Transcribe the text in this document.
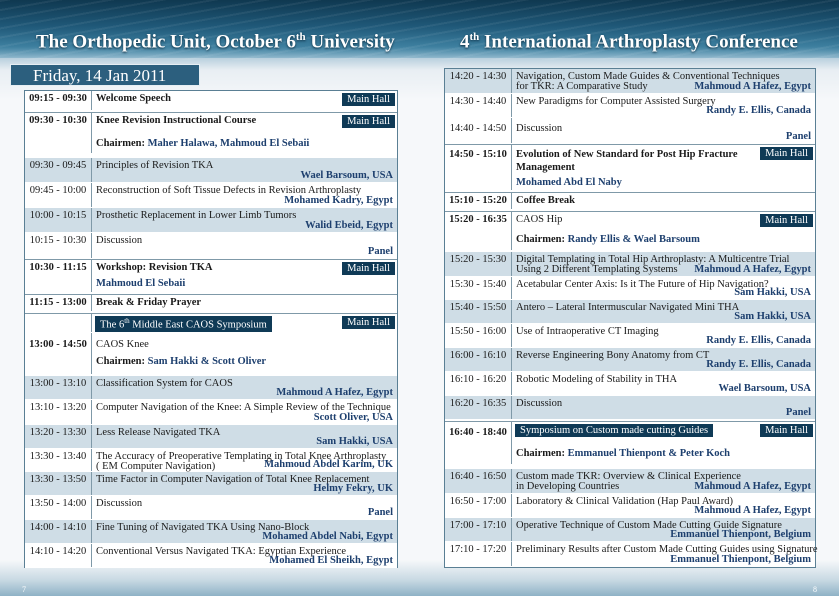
The Orthopedic Unit, October 6th University	4th International Arthroplasty Conference
Friday, 14 Jan 2011
09:15 - 09:30 Welcome Speech	Main Hall
09:30 - 10:30 Knee Revision Instructional Course	Main Hall
Chairmen: Maher Halawa, Mahmoud El Sebaii
09:30 - 09:45 Principles of Revision TKA
Wael Barsoum, USA
09:45 - 10:00 Reconstruction of Soft Tissue Defects in Revision Arthroplasty
Mohamed Kadry, Egypt
10:00 - 10:15 Prosthetic Replacement in Lower Limb Tumors
Walid Ebeid, Egypt
10:15 - 10:30 Discussion
Panel
10:30 - 11:15 Workshop: Revision TKA	Main Hall
Mahmoud El Sebaii
11:15 - 13:00 Break & Friday Prayer
The 6th Middle East CAOS Symposium	Main Hall
13:00 - 14:50 CAOS Knee
Chairmen: Sam Hakki & Scott Oliver
13:00 - 13:10 Classification System for CAOS
Mahmoud A Hafez, Egypt
13:10 - 13:20 Computer Navigation of the Knee: A Simple Review of the Technique
Scott Oliver, USA
13:20 - 13:30 Less Release Navigated TKA
Sam Hakki, USA
13:30 - 13:40 The Accuracy of Preoperative Templating in Total Knee Arthroplasty
( EM Computer Navigation)	Mahmoud Abdel Karim, UK
13:30 - 13:50 Time Factor in Computer Navigation of Total Knee Replacement
Helmy Fekry, UK
13:50 - 14:00 Discussion
Panel
14:00 - 14:10 Fine Tuning of Navigated TKA Using Nano-Block
Mohamed Abdel Nabi, Egypt
14:10 - 14:20 Conventional Versus Navigated TKA: Egyptian Experience
Mohamed El Sheikh, Egypt
14:20 - 14:30 Navigation, Custom Made Guides & Conventional Techniques
for TKR: A Comparative Study	Mahmoud A Hafez, Egypt
14:30 - 14:40 New Paradigms for Computer Assisted Surgery
Randy E. Ellis, Canada
14:40 - 14:50 Discussion
Panel
14:50 - 15:10 Evolution of New Standard for Post Hip Fracture
Management
Main Hall
Mohamed Abd El Naby
15:10 - 15:20 Coffee Break
15:20 - 16:35 CAOS Hip	Main Hall
Chairmen: Randy Ellis & Wael Barsoum
15:20 - 15:30 Digital Templating in Total Hip Arthroplasty: A Multicentre Trial
Using 2 Different Templating Systems	Mahmoud A Hafez, Egypt
15:30 - 15:40 Acetabular Center Axis: Is it The Future of Hip Navigation?
Sam Hakki, USA
15:40 - 15:50 Antero – Lateral Intermuscular Navigated Mini THA
Sam Hakki, USA
15:50 - 16:00 Use of Intraoperative CT Imaging
Randy E. Ellis, Canada
16:00 - 16:10 Reverse Engineering Bony Anatomy from CT
Randy E. Ellis, Canada
16:10 - 16:20 Robotic Modeling of Stability in THA
Wael Barsoum, USA
16:20 - 16:35 Discussion
Panel
16:40 - 18:40	Symposium on Custom made cutting Guides	Main Hall
Chairmen: Emmanuel Thienpont & Peter Koch
16:40 - 16:50 Custom made TKR: Overview & Clinical Experience
in Developing Countries	Mahmoud A Hafez, Egypt
16:50 - 17:00 Laboratory & Clinical Validation (Hap Paul Award)
Mahmoud A Hafez, Egypt
17:00 - 17:10 Operative Technique of Custom Made Cutting Guide Signature
Emmanuel Thienpont, Belgium
17:10 - 17:20 Preliminary Results after Custom Made Cutting Guides using Signature
Emmanuel Thienpont, Belgium
7	8
